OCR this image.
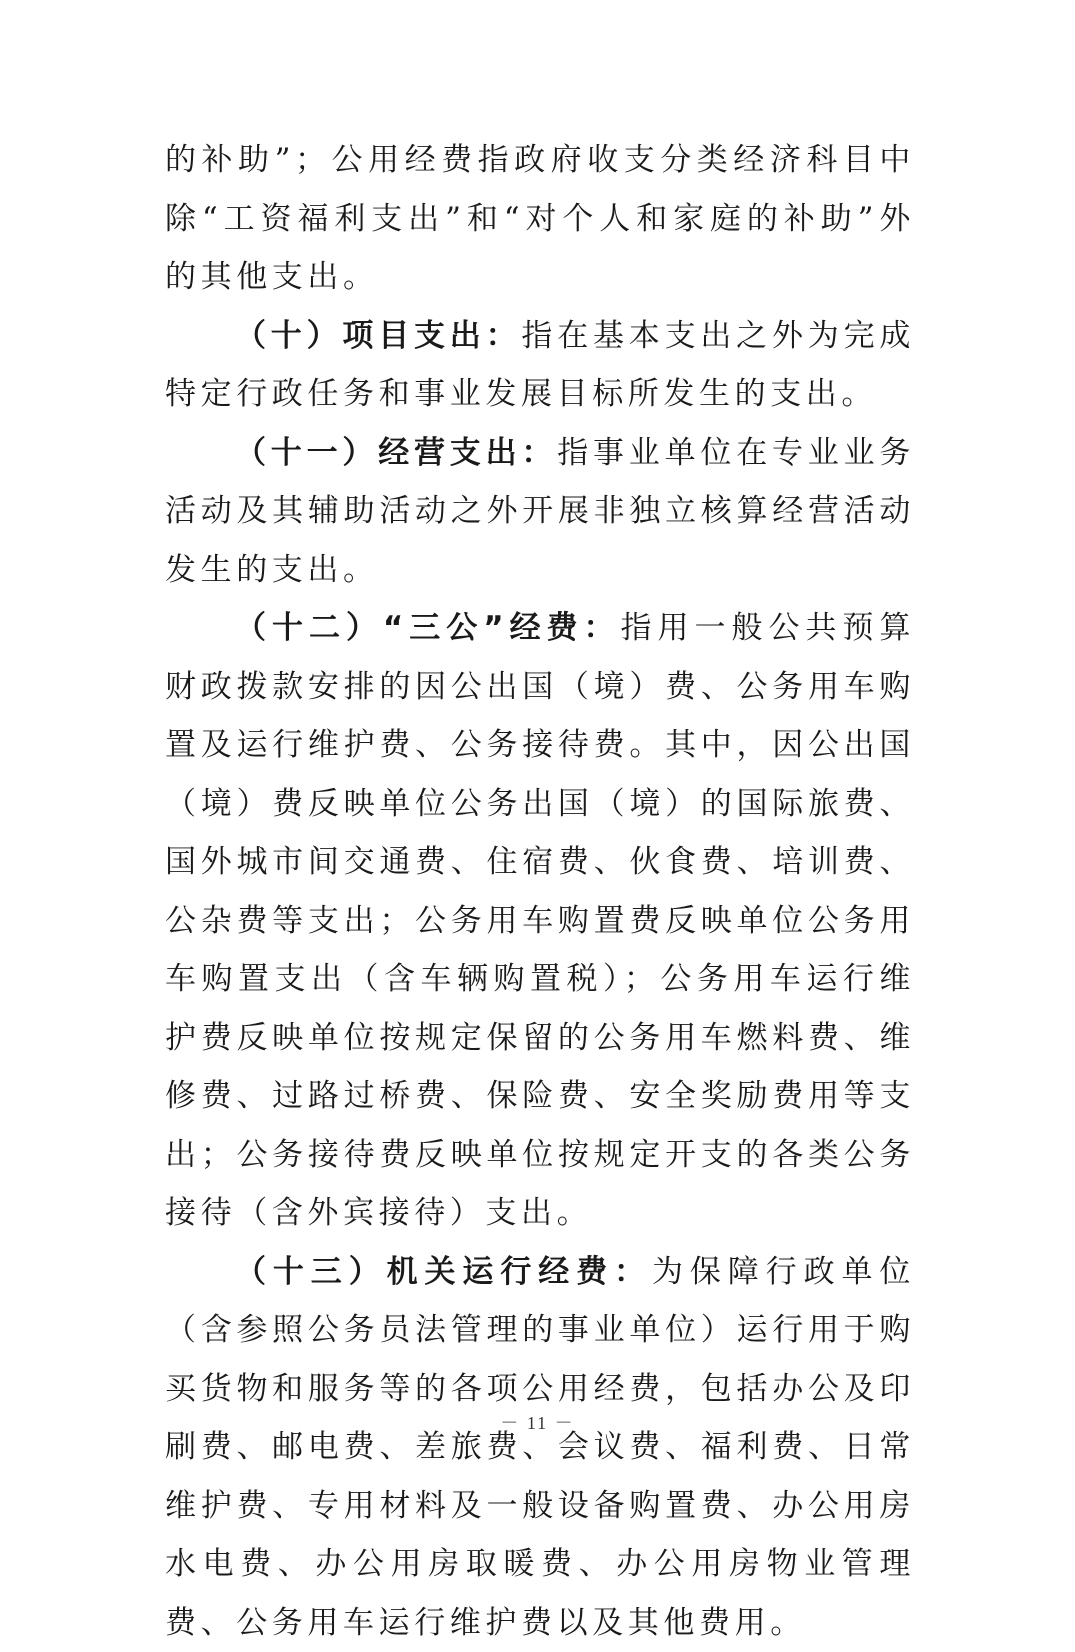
的补助”；公用经费指政府收支分类经济科目中除“工资福利支出”和“对个人和家庭的补助”外的其他支出。

（十）项目支出：指在基本支出之外为完成特定行政任务和事业发展目标所发生的支出。

（十一）经营支出：指事业单位在专业业务活动及其辅助活动之外开展非独立核算经营活动发生的支出。

（十二）“三公”经费：指用一般公共预算财政拨款安排的因公出国（境）费、公务用车购置及运行维护费、公务接待费。其中，因公出国（境）费反映单位公务出国（境）的国际旅费、国外城市间交通费、住宿费、伙食费、培训费、公杂费等支出；公务用车购置费反映单位公务用车购置支出（含车辆购置税）；公务用车运行维护费反映单位按规定保留的公务用车燃料费、维修费、过路过桥费、保险费、安全奖励费用等支出；公务接待费反映单位按规定开支的各类公务接待（含外宾接待）支出。

（十三）机关运行经费：为保障行政单位（含参照公务员法管理的事业单位）运行用于购买货物和服务等的各项公用经费，包括办公及印刷费、邮电费、差旅费、会议费、福利费、日常维护费、专用材料及一般设备购置费、办公用房水电费、办公用房取暖费、办公用房物业管理费、公务用车运行维护费以及其他费用。

－ 11 －
